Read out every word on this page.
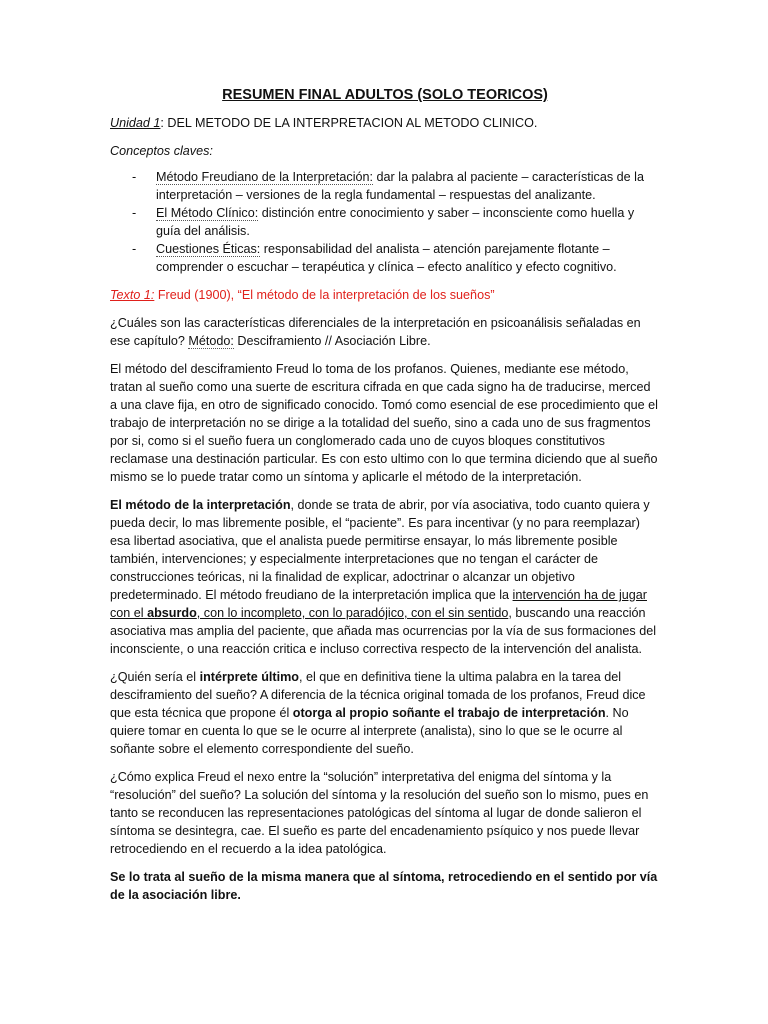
RESUMEN FINAL ADULTOS (SOLO TEORICOS)

Unidad 1: DEL METODO DE LA INTERPRETACION AL METODO CLINICO.

Conceptos claves:

- Método Freudiano de la Interpretación: dar la palabra al paciente – características de la interpretación – versiones de la regla fundamental – respuestas del analizante.
- El Método Clínico: distinción entre conocimiento y saber – inconsciente como huella y guía del análisis.
- Cuestiones Éticas: responsabilidad del analista – atención parejamente flotante – comprender o escuchar – terapéutica y clínica – efecto analítico y efecto cognitivo.

Texto 1: Freud (1900), “El método de la interpretación de los sueños”

¿Cuáles son las características diferenciales de la interpretación en psicoanálisis señaladas en ese capítulo? Método: Desciframiento // Asociación Libre.

El método del desciframiento Freud lo toma de los profanos. Quienes, mediante ese método, tratan al sueño como una suerte de escritura cifrada en que cada signo ha de traducirse, merced a una clave fija, en otro de significado conocido. Tomó como esencial de ese procedimiento que el trabajo de interpretación no se dirige a la totalidad del sueño, sino a cada uno de sus fragmentos por si, como si el sueño fuera un conglomerado cada uno de cuyos bloques constitutivos reclamase una destinación particular. Es con esto ultimo con lo que termina diciendo que al sueño mismo se lo puede tratar como un síntoma y aplicarle el método de la interpretación.

El método de la interpretación, donde se trata de abrir, por vía asociativa, todo cuanto quiera y pueda decir, lo mas libremente posible, el “paciente”. Es para incentivar (y no para reemplazar) esa libertad asociativa, que el analista puede permitirse ensayar, lo más libremente posible también, intervenciones; y especialmente interpretaciones que no tengan el carácter de construcciones teóricas, ni la finalidad de explicar, adoctrinar o alcanzar un objetivo predeterminado. El método freudiano de la interpretación implica que la intervención ha de jugar con el absurdo, con lo incompleto, con lo paradójico, con el sin sentido, buscando una reacción asociativa mas amplia del paciente, que añada mas ocurrencias por la vía de sus formaciones del inconsciente, o una reacción critica e incluso correctiva respecto de la intervención del analista.

¿Quién sería el intérprete último, el que en definitiva tiene la ultima palabra en la tarea del desciframiento del sueño? A diferencia de la técnica original tomada de los profanos, Freud dice que esta técnica que propone él otorga al propio soñante el trabajo de interpretación. No quiere tomar en cuenta lo que se le ocurre al interprete (analista), sino lo que se le ocurre al soñante sobre el elemento correspondiente del sueño.

¿Cómo explica Freud el nexo entre la “solución” interpretativa del enigma del síntoma y la “resolución” del sueño? La solución del síntoma y la resolución del sueño son lo mismo, pues en tanto se reconducen las representaciones patológicas del síntoma al lugar de donde salieron el síntoma se desintegra, cae. El sueño es parte del encadenamiento psíquico y nos puede llevar retrocediendo en el recuerdo a la idea patológica.

Se lo trata al sueño de la misma manera que al síntoma, retrocediendo en el sentido por vía de la asociación libre.
